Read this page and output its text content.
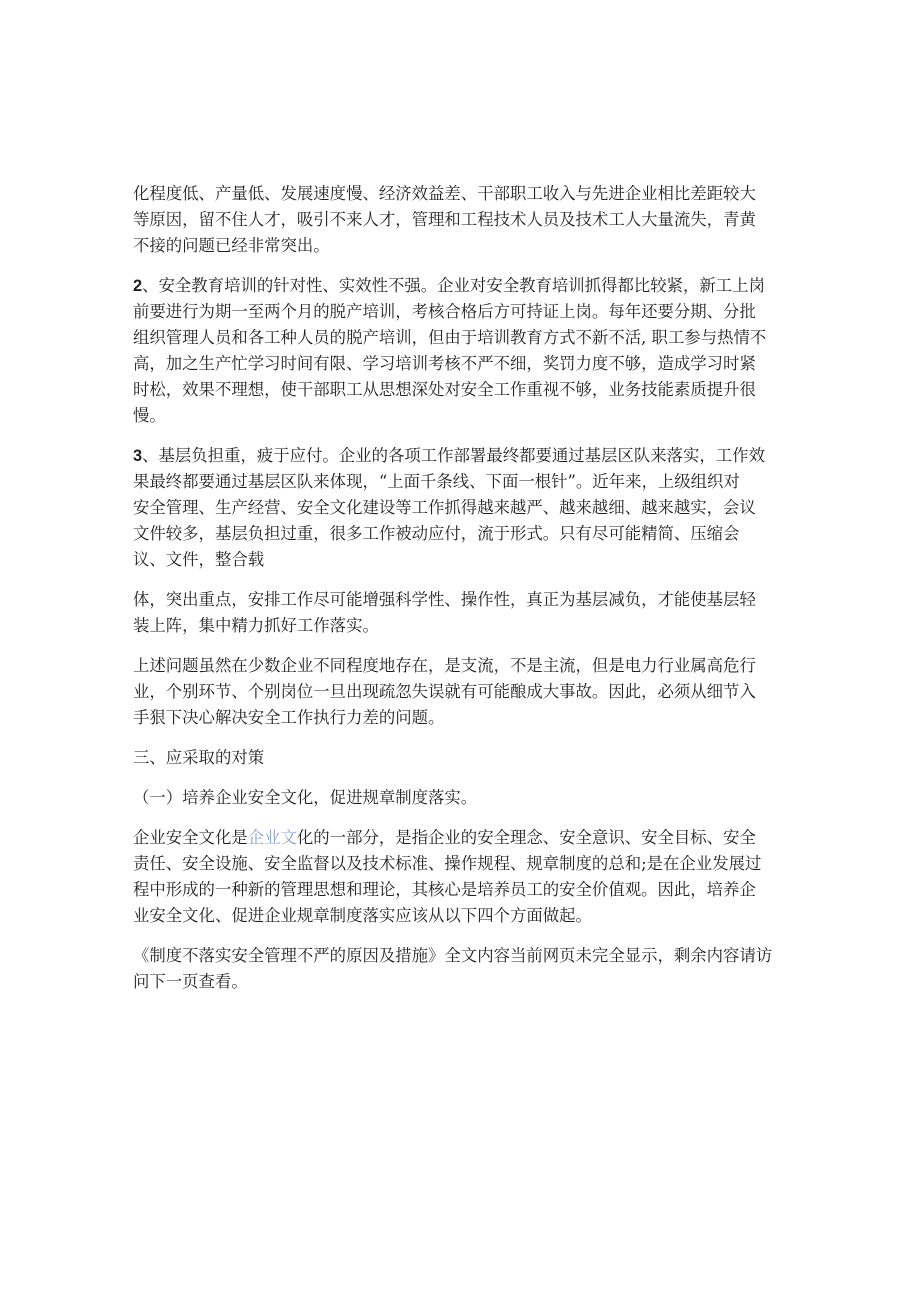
化程度低、产量低、发展速度慢、经济效益差、干部职工收入与先进企业相比差距较大
等原因，留不住人才，吸引不来人才，管理和工程技术人员及技术工人大量流失，青黄
不接的问题已经非常突出。

2、安全教育培训的针对性、实效性不强。企业对安全教育培训抓得都比较紧，新工上岗
前要进行为期一至两个月的脱产培训，考核合格后方可持证上岗。每年还要分期、分批
组织管理人员和各工种人员的脱产培训，但由于培训教育方式不新不活, 职工参与热情不
高，加之生产忙学习时间有限、学习培训考核不严不细，奖罚力度不够，造成学习时紧
时松，效果不理想，使干部职工从思想深处对安全工作重视不够，业务技能素质提升很
慢。

3、基层负担重，疲于应付。企业的各项工作部署最终都要通过基层区队来落实，工作效
果最终都要通过基层区队来体现，“上面千条线、下面一根针”。近年来，上级组织对
安全管理、生产经营、安全文化建设等工作抓得越来越严、越来越细、越来越实，会议
文件较多，基层负担过重，很多工作被动应付，流于形式。只有尽可能精简、压缩会
议、文件，整合载

体，突出重点，安排工作尽可能增强科学性、操作性，真正为基层减负，才能使基层轻
装上阵，集中精力抓好工作落实。

上述问题虽然在少数企业不同程度地存在，是支流，不是主流，但是电力行业属高危行
业，个别环节、个别岗位一旦出现疏忽失误就有可能酿成大事故。因此，必须从细节入
手狠下决心解决安全工作执行力差的问题。

三、应采取的对策

（一）培养企业安全文化，促进规章制度落实。

企业安全文化是企业文化的一部分，是指企业的安全理念、安全意识、安全目标、安全
责任、安全设施、安全监督以及技术标准、操作规程、规章制度的总和;是在企业发展过
程中形成的一种新的管理思想和理论，其核心是培养员工的安全价值观。因此，培养企
业安全文化、促进企业规章制度落实应该从以下四个方面做起。

《制度不落实安全管理不严的原因及措施》全文内容当前网页未完全显示，剩余内容请访
问下一页查看。
